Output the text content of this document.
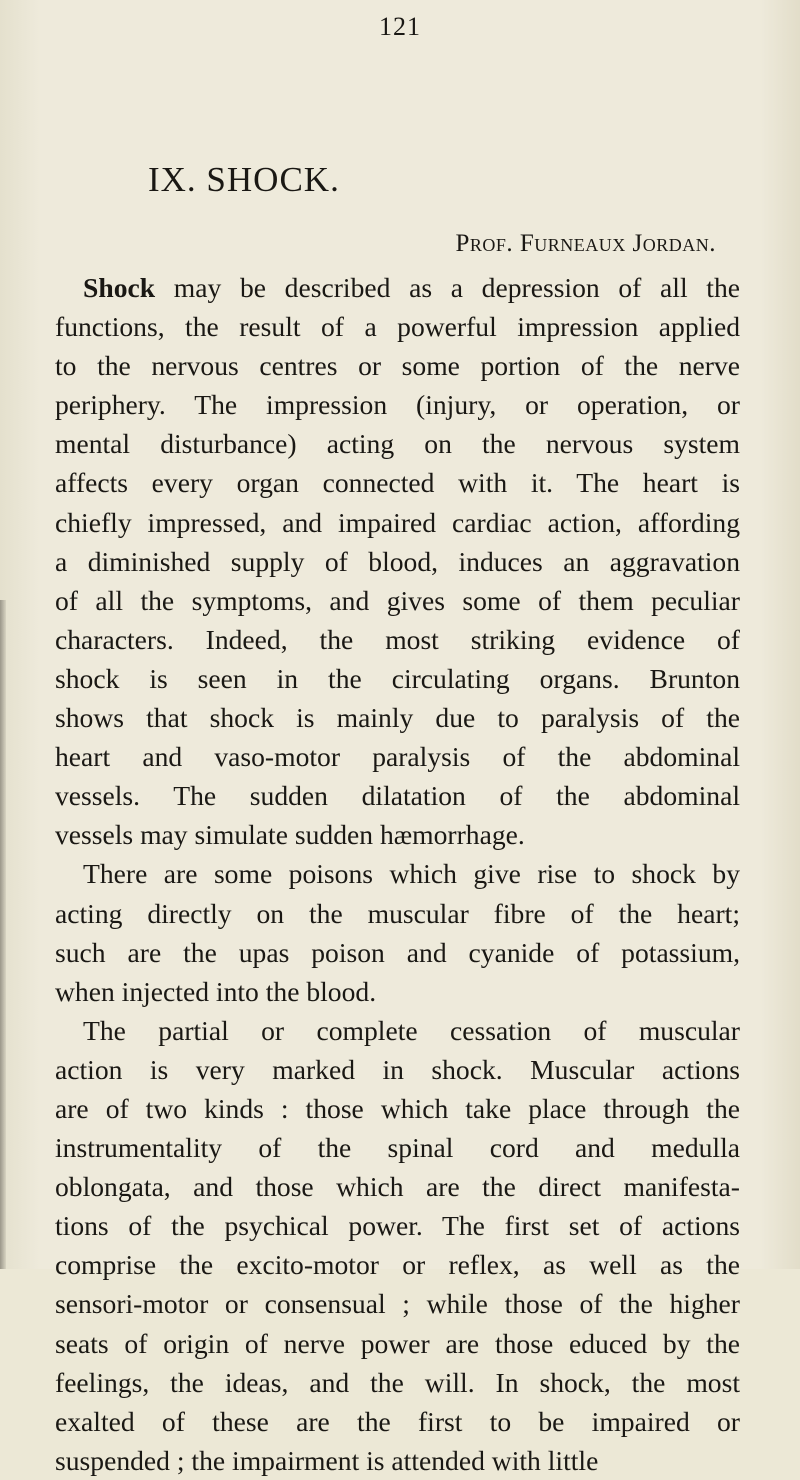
121
IX. SHOCK.
Prof. Furneaux Jordan.
Shock may be described as a depression of all the
functions, the result of a powerful impression applied
to the nervous centres or some portion of the nerve
periphery. The impression (injury, or operation, or
mental disturbance) acting on the nervous system
affects every organ connected with it. The heart is
chiefly impressed, and impaired cardiac action, affording
a diminished supply of blood, induces an aggravation
of all the symptoms, and gives some of them peculiar
characters. Indeed, the most striking evidence of
shock is seen in the circulating organs. Brunton
shows that shock is mainly due to paralysis of the
heart and vaso-motor paralysis of the abdominal
vessels. The sudden dilatation of the abdominal
vessels may simulate sudden hæmorrhage.
There are some poisons which give rise to shock by
acting directly on the muscular fibre of the heart;
such are the upas poison and cyanide of potassium,
when injected into the blood.
The partial or complete cessation of muscular
action is very marked in shock. Muscular actions
are of two kinds : those which take place through the
instrumentality of the spinal cord and medulla
oblongata, and those which are the direct manifesta-
tions of the psychical power. The first set of actions
comprise the excito-motor or reflex, as well as the
sensori-motor or consensual ; while those of the higher
seats of origin of nerve power are those educed by the
feelings, the ideas, and the will. In shock, the most
exalted of these are the first to be impaired or
suspended ; the impairment is attended with little
